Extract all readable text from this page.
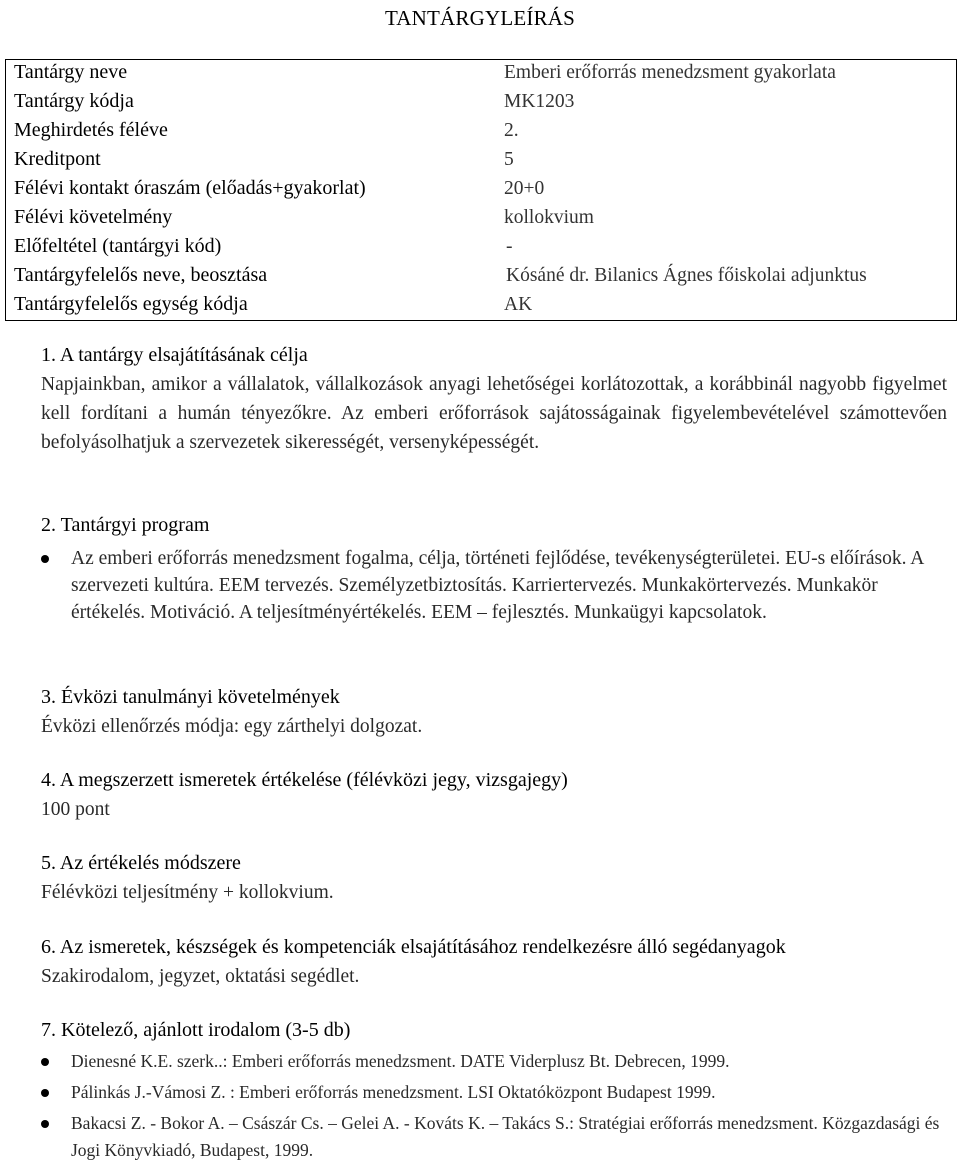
TANTÁRGYLEÍRÁS
Tantárgy neve	Emberi erőforrás menedzsment gyakorlata
Tantárgy kódja	MK1203
Meghirdetés féléve	2.
Kreditpont	5
Félévi kontakt óraszám (előadás+gyakorlat)	20+0
Félévi követelmény	kollokvium
Előfeltétel (tantárgyi kód)	-
Tantárgyfelelős neve, beosztása	Kósáné dr. Bilanics Ágnes főiskolai adjunktus
Tantárgyfelelős egység kódja	AK
1. A tantárgy elsajátításának célja
Napjainkban, amikor a vállalatok, vállalkozások anyagi lehetőségei korlátozottak, a korábbinál nagyobb figyelmet kell fordítani a humán tényezőkre. Az emberi erőforrások sajátosságainak figyelembevételével számottevően befolyásolhatjuk a szervezetek sikerességét, versenyképességét.
2. Tantárgyi program
Az emberi erőforrás menedzsment fogalma, célja, történeti fejlődése, tevékenységterületei. EU-s előírások. A szervezeti kultúra. EEM tervezés. Személyzetbiztosítás. Karriertervezés. Munkakörtervezés. Munkakör értékelés. Motiváció. A teljesítményértékelés. EEM – fejlesztés. Munkaügyi kapcsolatok.
3. Évközi tanulmányi követelmények
Évközi ellenőrzés módja: egy zárthelyi dolgozat.
4. A megszerzett ismeretek értékelése (félévközi jegy, vizsgajegy)
100 pont
5. Az értékelés módszere
Félévközi teljesítmény + kollokvium.
6. Az ismeretek, készségek és kompetenciák elsajátításához rendelkezésre álló segédanyagok
Szakirodalom, jegyzet, oktatási segédlet.
7. Kötelező, ajánlott irodalom (3-5 db)
Dienesné K.E. szerk..: Emberi erőforrás menedzsment. DATE Viderplusz Bt. Debrecen, 1999.
Pálinkás J.-Vámosi Z. : Emberi erőforrás menedzsment. LSI Oktatóközpont Budapest 1999.
Bakacsi Z. - Bokor A. – Császár Cs. – Gelei A. - Kováts K. – Takács S.: Stratégiai erőforrás menedzsment. Közgazdasági és Jogi Könyvkiadó, Budapest, 1999.
